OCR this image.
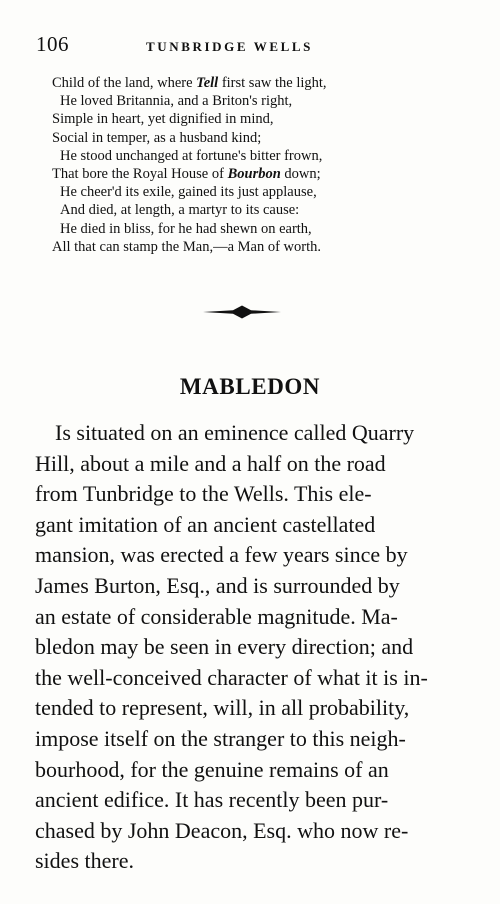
106	TUNBRIDGE WELLS
Child of the land, where Tell first saw the light,
He loved Britannia, and a Briton's right,
Simple in heart, yet dignified in mind,
Social in temper, as a husband kind;
He stood unchanged at fortune's bitter frown,
That bore the Royal House of Bourbon down;
He cheer'd its exile, gained its just applause,
And died, at length, a martyr to its cause:
He died in bliss, for he had shewn on earth,
All that can stamp the Man,—a Man of worth.
MABLEDON
Is situated on an eminence called Quarry
Hill, about a mile and a half on the road
from Tunbridge to the Wells. This ele-
gant imitation of an ancient castellated
mansion, was erected a few years since by
James Burton, Esq., and is surrounded by
an estate of considerable magnitude. Ma-
bledon may be seen in every direction; and
the well-conceived character of what it is in-
tended to represent, will, in all probability,
impose itself on the stranger to this neigh-
bourhood, for the genuine remains of an
ancient edifice. It has recently been pur-
chased by John Deacon, Esq. who now re-
sides there.
